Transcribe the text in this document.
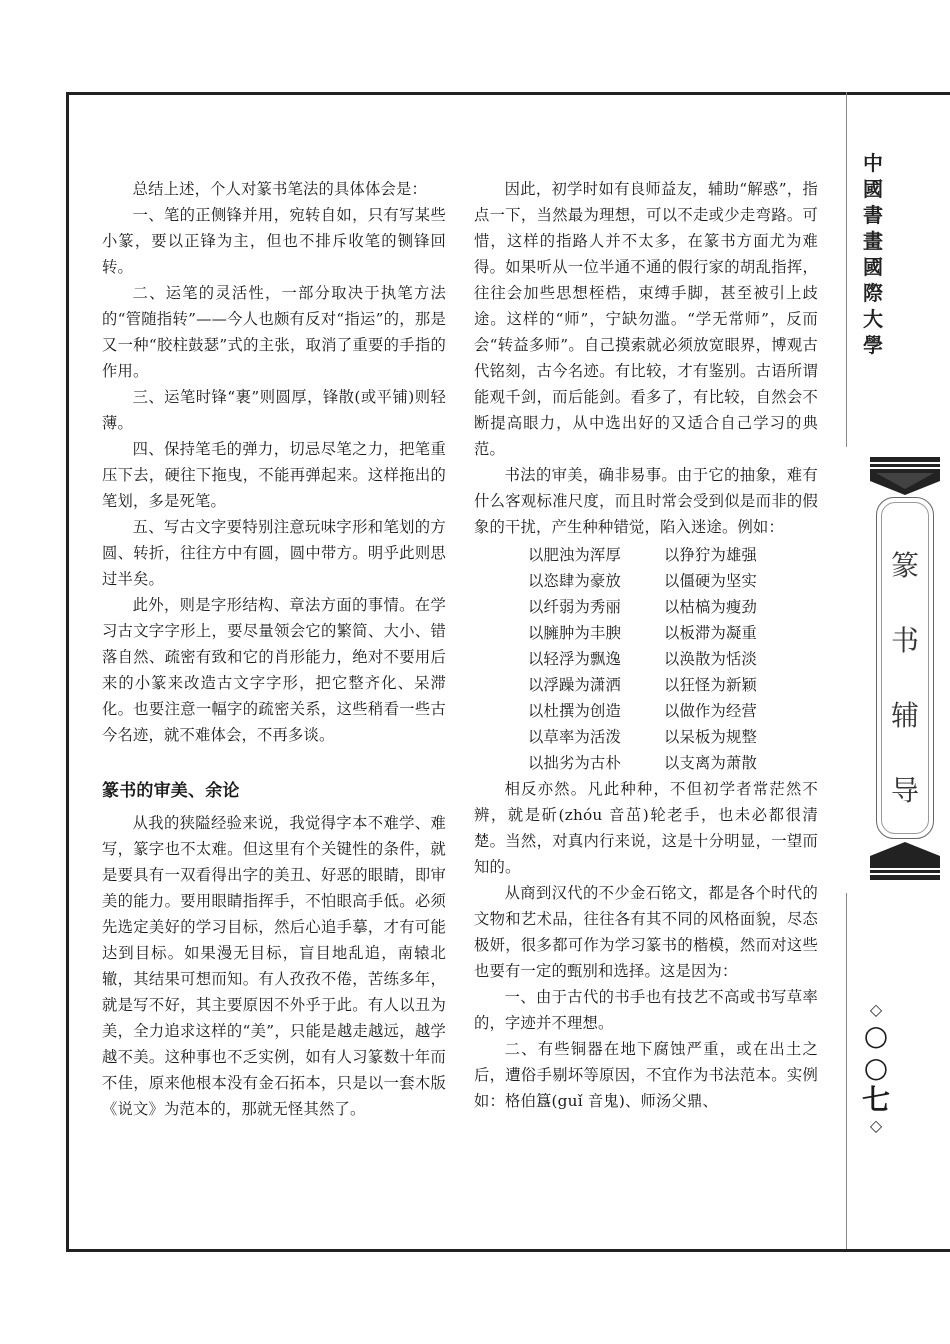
总结上述，个人对篆书笔法的具体体会是：

一、笔的正侧锋并用，宛转自如，只有写某些小篆，要以正锋为主，但也不排斥收笔的铡锋回转。

二、运笔的灵活性，一部分取决于执笔方法的“管随指转”——今人也颇有反对“指运”的，那是又一种“胶柱鼓瑟”式的主张，取消了重要的手指的作用。

三、运笔时锋“裹”则圆厚，锋散(或平铺)则轻薄。

四、保持笔毛的弹力，切忌尽笔之力，把笔重压下去，硬往下拖曳，不能再弹起来。这样拖出的笔划，多是死笔。

五、写古文字要特别注意玩味字形和笔划的方圆、转折，往往方中有圆，圆中带方。明乎此则思过半矣。

此外，则是字形结构、章法方面的事情。在学习古文字字形上，要尽量领会它的繁简、大小、错落自然、疏密有致和它的肖形能力，绝对不要用后来的小篆来改造古文字字形，把它整齐化、呆滞化。也要注意一幅字的疏密关系，这些稍看一些古今名迹，就不难体会，不再多谈。

篆书的审美、余论

从我的狭隘经验来说，我觉得字本不难学、难写，篆字也不太难。但这里有个关键性的条件，就是要具有一双看得出字的美丑、好恶的眼睛，即审美的能力。要用眼睛指挥手，不怕眼高手低。必须先选定美好的学习目标，然后心追手摹，才有可能达到目标。如果漫无目标，盲目地乱追，南辕北辙，其结果可想而知。有人孜孜不倦，苦练多年，就是写不好，其主要原因不外乎于此。有人以丑为美，全力追求这样的“美”，只能是越走越远，越学越不美。这种事也不乏实例，如有人习篆数十年而不佳，原来他根本没有金石拓本，只是以一套木版《说文》为范本的，那就无怪其然了。

因此，初学时如有良师益友，辅助“解惑”，指点一下，当然最为理想，可以不走或少走弯路。可惜，这样的指路人并不太多，在篆书方面尤为难得。如果听从一位半通不通的假行家的胡乱指挥，往往会加些思想桎梏，束缚手脚，甚至被引上歧途。这样的“师”，宁缺勿滥。“学无常师”，反而会“转益多师”。自己摸索就必须放宽眼界，博观古代铭刻，古今名迹。有比较，才有鉴别。古语所谓能观千剑，而后能剑。看多了，有比较，自然会不断提高眼力，从中选出好的又适合自己学习的典范。

书法的审美，确非易事。由于它的抽象，难有什么客观标准尺度，而且时常会受到似是而非的假象的干扰，产生种种错觉，陷入迷途。例如：

以肥浊为浑厚	以狰狞为雄强
以恣肆为豪放	以僵硬为坚实
以纤弱为秀丽	以枯槁为瘦劲
以臃肿为丰腴	以板滞为凝重
以轻浮为飘逸	以涣散为恬淡
以浮躁为潇洒	以狂怪为新颖
以杜撰为创造	以做作为经营
以草率为活泼	以呆板为规整
以拙劣为古朴	以支离为萧散

相反亦然。凡此种种，不但初学者常茫然不辨，就是斫(zhóu 音茁)轮老手，也未必都很清楚。当然，对真内行来说，这是十分明显，一望而知的。

从商到汉代的不少金石铭文，都是各个时代的文物和艺术品，往往各有其不同的风格面貌，尽态极妍，很多都可作为学习篆书的楷模，然而对这些也要有一定的甄别和选择。这是因为：

一、由于古代的书手也有技艺不高或书写草率的，字迹并不理想。

二、有些铜器在地下腐蚀严重，或在出土之后，遭俗手剔坏等原因，不宜作为书法范本。实例如：格伯簋(guǐ 音鬼)、师汤父鼎、

中
國
書
畫
國
際
大
學
篆
书
辅
导
◇
○
○
七
◇
